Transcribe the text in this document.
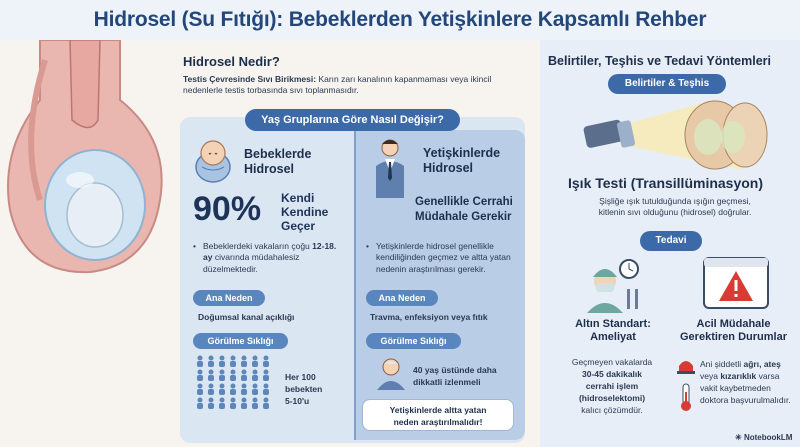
Hidrosel (Su Fıtığı): Bebeklerden Yetişkinlere Kapsamlı Rehber
Hidrosel Nedir?
Testis Çevresinde Sıvı Birikmesi: Karın zarı kanalının kapanmaması veya ikincil nedenlerle testis torbasında sıvı toplanmasıdır.
Yaş Gruplarına Göre Nasıl Değişir?
Bebeklerde
Hidrosel
90% Kendi
Kendine
Geçer
• Bebeklerdeki vakaların çoğu 12-18. ay civarında müdahalesiz düzelmektedir.
Ana Neden
Doğumsal kanal açıklığı
Görülme Sıklığı
Her 100
bebekten
5-10'u
Yetişkinlerde
Hidrosel
Genellikle Cerrahi
Müdahale Gerekir
• Yetişkinlerde hidrosel genellikle kendiliğinden geçmez ve altta yatan nedenin araştırılması gerekir.
Ana Neden
Travma, enfeksiyon veya fıtık
Görülme Sıklığı
40 yaş üstünde daha
dikkatli izlenmeli
Yetişkinlerde altta yatan
neden araştırılmalıdır!
Belirtiler, Teşhis ve Tedavi Yöntemleri
Belirtiler & Teşhis
Işık Testi (Transillüminasyon)
Şişliğe ışık tutulduğunda ışığın geçmesi,
kitlenin sıvı olduğunu (hidrosel) doğrular.
Tedavi
Altın Standart:
Ameliyat
Geçmeyen vakalarda
30-45 dakikalık
cerrahi işlem
(hidroselektomi)
kalıcı çözümdür.
Acil Müdahale
Gerektiren Durumlar
Ani şiddetli ağrı, ateş veya kızarıklık varsa vakit kaybetmeden doktora başvurulmalıdır.
✳ NotebookLM
